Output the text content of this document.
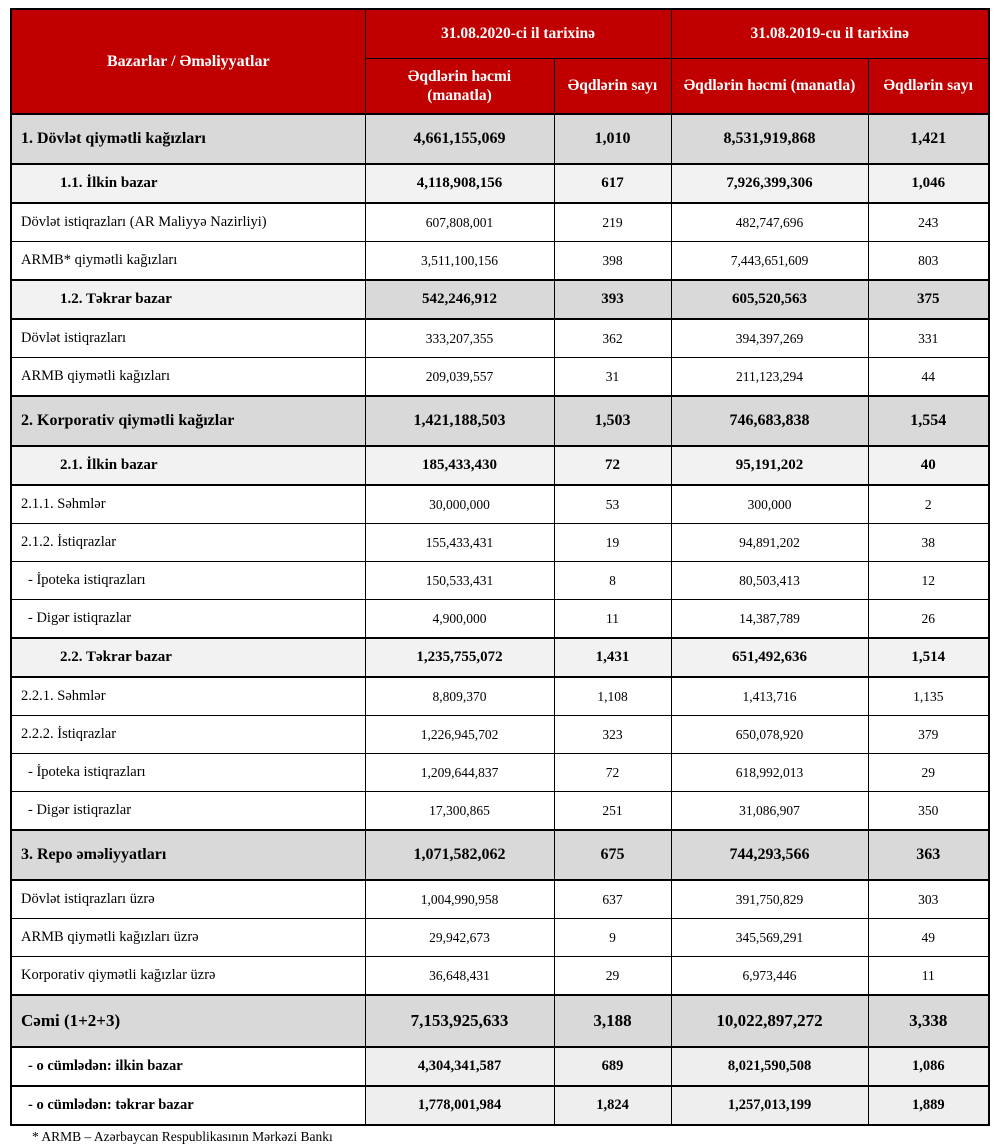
Bazarlar / Əməliyyatlar	31.08.2020-ci il tarixinə		31.08.2019-cu il tarixinə	
	Əqdlərin həcmi (manatla)	Əqdlərin sayı	Əqdlərin həcmi (manatla)	Əqdlərin sayı
1. Dövlət qiymətli kağızları	4,661,155,069	1,010	8,531,919,868	1,421
1.1. İlkin bazar	4,118,908,156	617	7,926,399,306	1,046
Dövlət istiqrazları (AR Maliyyə Nazirliyi)	607,808,001	219	482,747,696	243
ARMB* qiymətli kağızları	3,511,100,156	398	7,443,651,609	803
1.2. Təkrar bazar	542,246,912	393	605,520,563	375
Dövlət istiqrazları	333,207,355	362	394,397,269	331
ARMB qiymətli kağızları	209,039,557	31	211,123,294	44
2. Korporativ qiymətli kağızlar	1,421,188,503	1,503	746,683,838	1,554
2.1. İlkin bazar	185,433,430	72	95,191,202	40
2.1.1. Səhmlər	30,000,000	53	300,000	2
2.1.2. İstiqrazlar	155,433,431	19	94,891,202	38
- İpoteka istiqrazları	150,533,431	8	80,503,413	12
- Digər istiqrazlar	4,900,000	11	14,387,789	26
2.2. Təkrar bazar	1,235,755,072	1,431	651,492,636	1,514
2.2.1. Səhmlər	8,809,370	1,108	1,413,716	1,135
2.2.2. İstiqrazlar	1,226,945,702	323	650,078,920	379
- İpoteka istiqrazları	1,209,644,837	72	618,992,013	29
- Digər istiqrazlar	17,300,865	251	31,086,907	350
3. Repo əməliyyatları	1,071,582,062	675	744,293,566	363
Dövlət istiqrazları üzrə	1,004,990,958	637	391,750,829	303
ARMB qiymətli kağızları üzrə	29,942,673	9	345,569,291	49
Korporativ qiymətli kağızlar üzrə	36,648,431	29	6,973,446	11
Cəmi (1+2+3)	7,153,925,633	3,188	10,022,897,272	3,338
- o cümlədən: ilkin bazar	4,304,341,587	689	8,021,590,508	1,086
- o cümlədən: təkrar bazar	1,778,001,984	1,824	1,257,013,199	1,889
* ARMB – Azərbaycan Respublikasının Mərkəzi Bankı
